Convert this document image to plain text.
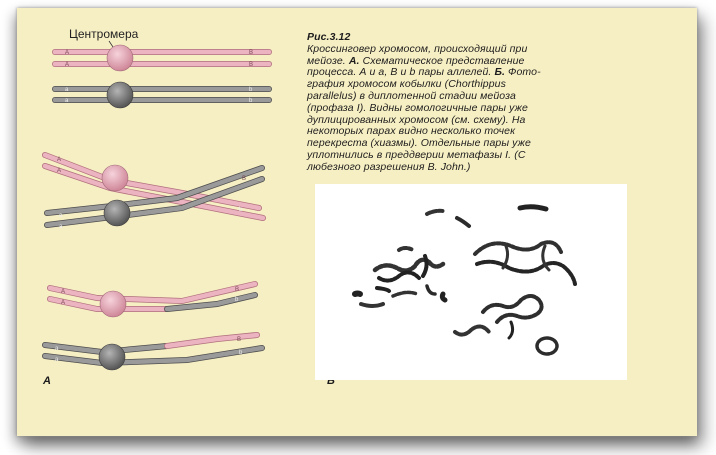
Центромера
A
A
B
B
a
a
b
b
A
A
B
b
a
a
A
A
B
b
a
a
B
b
А	Б
Рис.3.12
Кроссинговер хромосом, происходящий при
мейозе. А. Схематическое представление
процесса. А и а, В и b пары аллелей. Б. Фото-
графия хромосом кобылки (Chorthippus
parallelus) в диплотенной стадии мейоза
(профаза I). Видны гомологичные пары уже
дуплицированных хромосом (см. схему). На
некоторых парах видно несколько точек
перекреста (хиазмы). Отдельные пары уже
уплотнились в преддверии метафазы I. (С
любезного разрешения B. John.)
